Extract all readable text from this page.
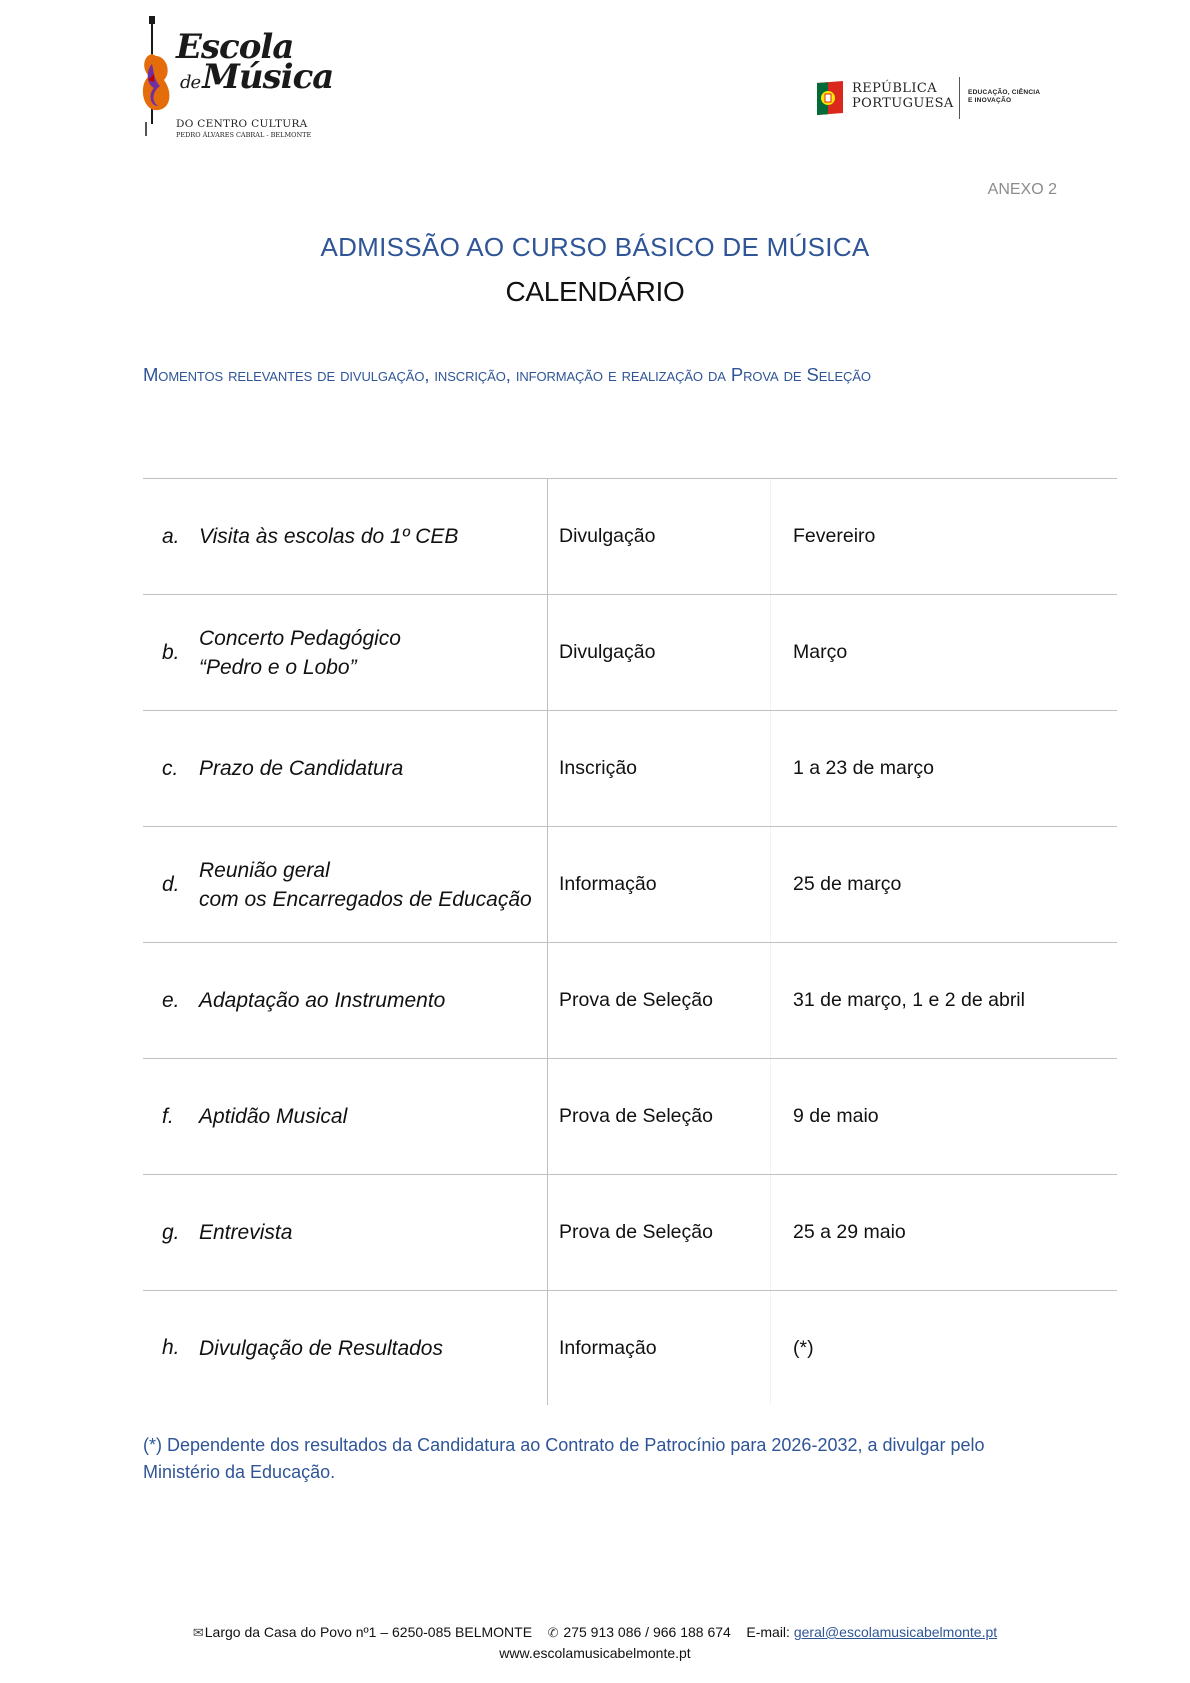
Escola
deMúsica
DO CENTRO CULTURA
PEDRO ÁLVARES CABRAL - BELMONTE
REPÚBLICA
PORTUGUESA
EDUCAÇÃO, CIÊNCIA
E INOVAÇÃO
ANEXO 2
ADMISSÃO AO CURSO BÁSICO DE MÚSICA
CALENDÁRIO
Momentos relevantes de divulgação, inscrição, informação e realização da Prova de Seleção
a. Visita às escolas do 1º CEB	Divulgação	Fevereiro
b.
Concerto Pedagógico
“Pedro e o Lobo”
Divulgação	Março
c. Prazo de Candidatura	Inscrição	1 a 23 de março
d.
Reunião geral
com os Encarregados de Educação
Informação	25 de março
e. Adaptação ao Instrumento	Prova de Seleção	31 de março, 1 e 2 de abril
f. Aptidão Musical	Prova de Seleção	9 de maio
g. Entrevista	Prova de Seleção	25 a 29 maio
h. Divulgação de Resultados	Informação	(*)
(*) Dependente dos resultados da Candidatura ao Contrato de Patrocínio para 2026-2032, a divulgar pelo Ministério da Educação.
✉Largo da Casa do Povo nº1 – 6250-085 BELMONTE ✆ 275 913 086 / 966 188 674 E-mail: geral@escolamusicabelmonte.pt
www.escolamusicabelmonte.pt
